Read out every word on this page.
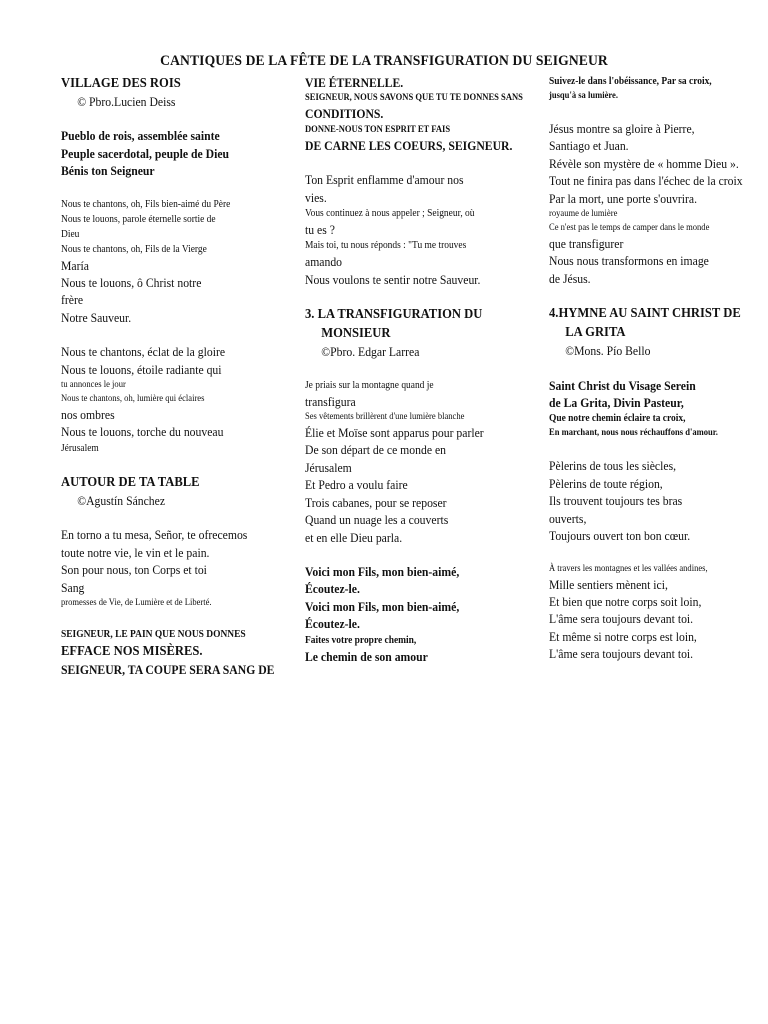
CANTIQUES DE LA FÊTE DE LA TRANSFIGURATION DU SEIGNEUR
VILLAGE DES ROIS
© Pbro.Lucien Deiss
Pueblo de rois, assemblée sainte
Peuple sacerdotal, peuple de Dieu
Bénis ton Seigneur
Nous te chantons, oh, Fils bien-aimé du Père
Nous te louons, parole éternelle sortie de
Dieu
Nous te chantons, oh, Fils de la Vierge
María
Nous te louons, ô Christ notre
frère
Notre Sauveur.
Nous te chantons, éclat de la gloire
Nous te louons, étoile radiante qui
tu annonces le jour
Nous te chantons, oh, lumière qui éclaires
nos ombres
Nous te louons, torche du nouveau
Jérusalem
AUTOUR DE TA TABLE
©Agustín Sánchez
En torno a tu mesa, Señor, te ofrecemos
toute notre vie, le vin et le pain.
Son pour nous, ton Corps et toi
Sang
promesses de Vie, de Lumière et de Liberté.
SEIGNEUR, LE PAIN QUE NOUS DONNES
EFFACE NOS MISÈRES.
SEIGNEUR, TA COUPE SERA SANG DE
VIE ÉTERNELLE.
SEIGNEUR, NOUS SAVONS QUE TU TE DONNES SANS
CONDITIONS.
DONNE-NOUS TON ESPRIT ET FAIS
DE CARNE LES COEURS, SEIGNEUR.
Ton Esprit enflamme d'amour nos
vies.
Vous continuez à nous appeler ; Seigneur, où
tu es ?
Mais toi, tu nous réponds : "Tu me trouves
amando
Nous voulons te sentir notre Sauveur.
3. LA TRANSFIGURATION DU
MONSIEUR
©Pbro. Edgar Larrea
Je priais sur la montagne quand je
transfigura
Ses vêtements brillèrent d'une lumière blanche
Élie et Moïse sont apparus pour parler
De son départ de ce monde en
Jérusalem
Et Pedro a voulu faire
Trois cabanes, pour se reposer
Quand un nuage les a couverts
et en elle Dieu parla.
Voici mon Fils, mon bien-aimé,
Écoutez-le.
Voici mon Fils, mon bien-aimé,
Écoutez-le.
Faites votre propre chemin,
Le chemin de son amour
Suivez-le dans l'obéissance, Par sa croix,
jusqu'à sa lumière.
Jésus montre sa gloire à Pierre,
Santiago et Juan.
Révèle son mystère de « homme Dieu ».
Tout ne finira pas dans l'échec de la croix
Par la mort, une porte s'ouvrira.
royaume de lumière
Ce n'est pas le temps de camper dans le monde
que transfigurer
Nous nous transformons en image
de Jésus.
4.HYMNE AU SAINT CHRIST DE
LA GRITA
©Mons. Pío Bello
Saint Christ du Visage Serein
de La Grita, Divin Pasteur,
Que notre chemin éclaire ta croix,
En marchant, nous nous réchauffons d'amour.
Pèlerins de tous les siècles,
Pèlerins de toute région,
Ils trouvent toujours tes bras
ouverts,
Toujours ouvert ton bon cœur.
À travers les montagnes et les vallées andines,
Mille sentiers mènent ici,
Et bien que notre corps soit loin,
L'âme sera toujours devant toi.
Et même si notre corps est loin,
L'âme sera toujours devant toi.
